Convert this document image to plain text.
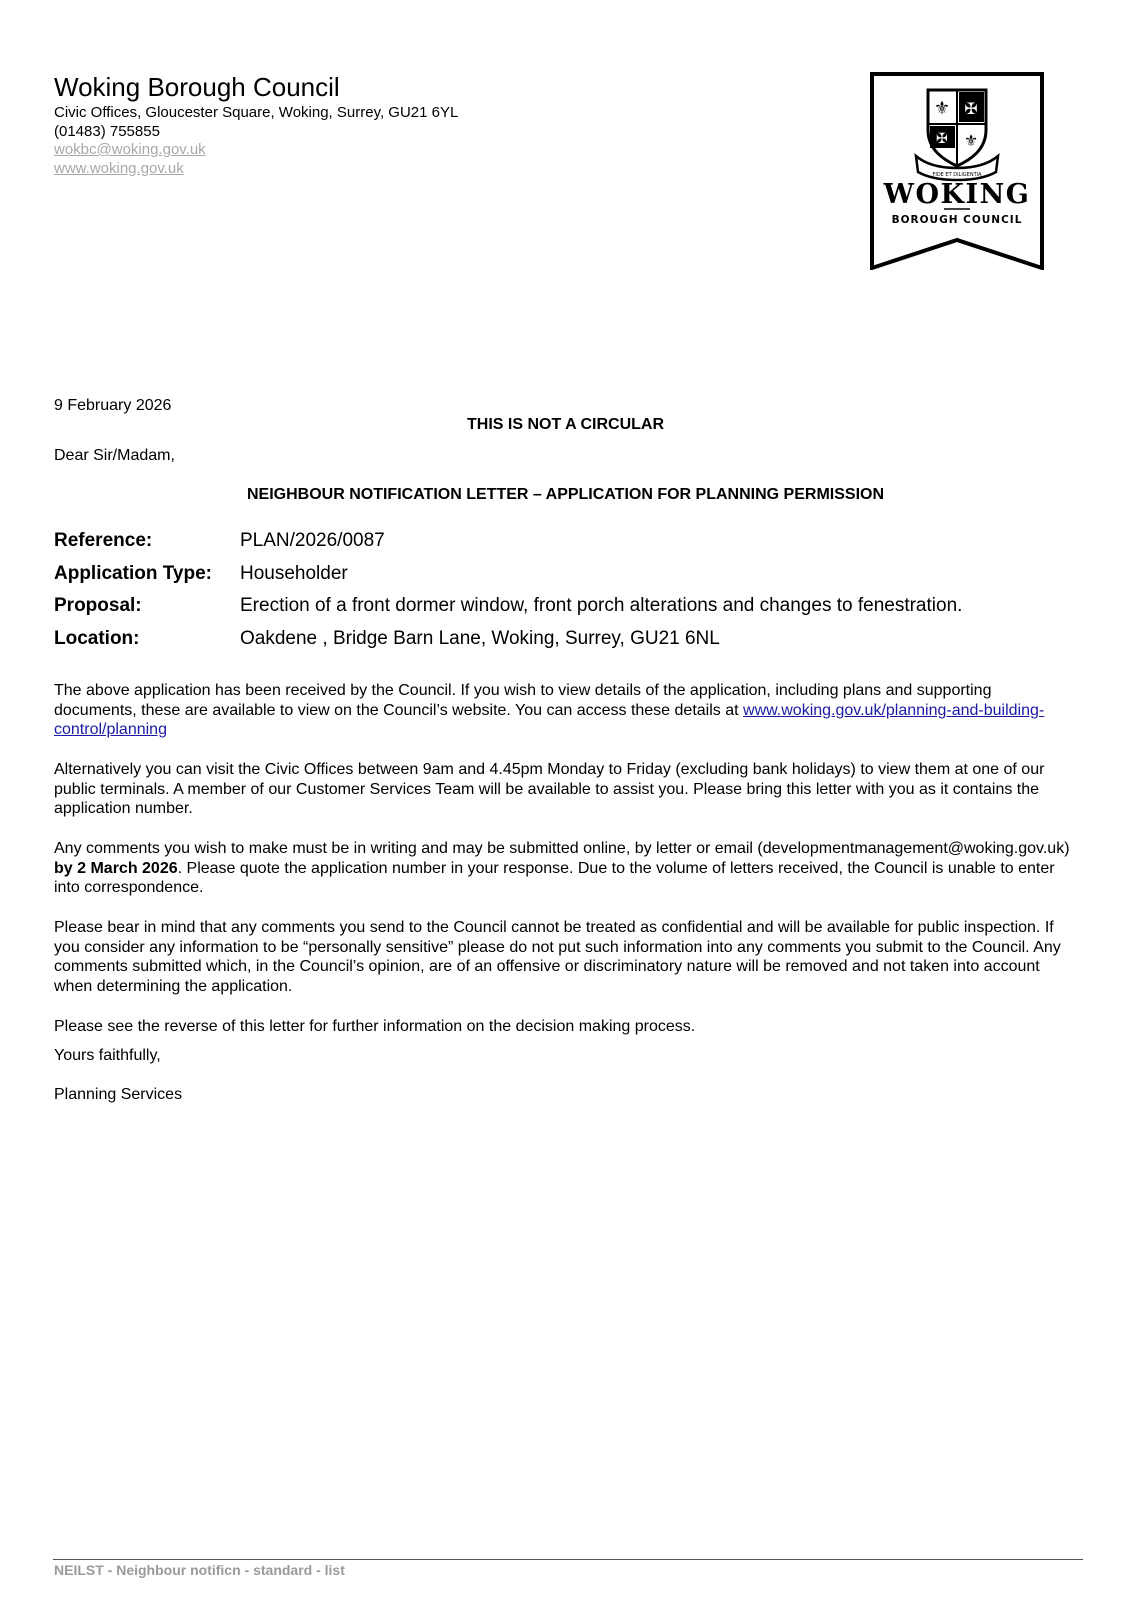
Woking Borough Council
Civic Offices, Gloucester Square, Woking, Surrey, GU21 6YL
(01483) 755855
wokbc@woking.gov.uk
www.woking.gov.uk
⚜ ✠
✠ ⚜
FIDE ET DILIGENTIA
WOKING
BOROUGH COUNCIL
9 February 2026
THIS IS NOT A CIRCULAR
Dear Sir/Madam,
NEIGHBOUR NOTIFICATION LETTER – APPLICATION FOR PLANNING PERMISSION
Reference:	PLAN/2026/0087
Application Type: Householder
Proposal:	Erection of a front dormer window, front porch alterations and changes to fenestration.
Location:	Oakdene , Bridge Barn Lane, Woking, Surrey, GU21 6NL
The above application has been received by the Council. If you wish to view details of the application, including plans and supporting documents, these are available to view on the Council’s website. You can access these details at www.woking.gov.uk/planning-and-building-control/planning
Alternatively you can visit the Civic Offices between 9am and 4.45pm Monday to Friday (excluding bank holidays) to view them at one of our public terminals. A member of our Customer Services Team will be available to assist you. Please bring this letter with you as it contains the application number.
Any comments you wish to make must be in writing and may be submitted online, by letter or email (developmentmanagement@woking.gov.uk) by 2 March 2026. Please quote the application number in your response. Due to the volume of letters received, the Council is unable to enter into correspondence.
Please bear in mind that any comments you send to the Council cannot be treated as confidential and will be available for public inspection. If you consider any information to be “personally sensitive” please do not put such information into any comments you submit to the Council. Any comments submitted which, in the Council’s opinion, are of an offensive or discriminatory nature will be removed and not taken into account when determining the application.
Please see the reverse of this letter for further information on the decision making process.
Yours faithfully,
Planning Services
NEILST - Neighbour notificn - standard - list
